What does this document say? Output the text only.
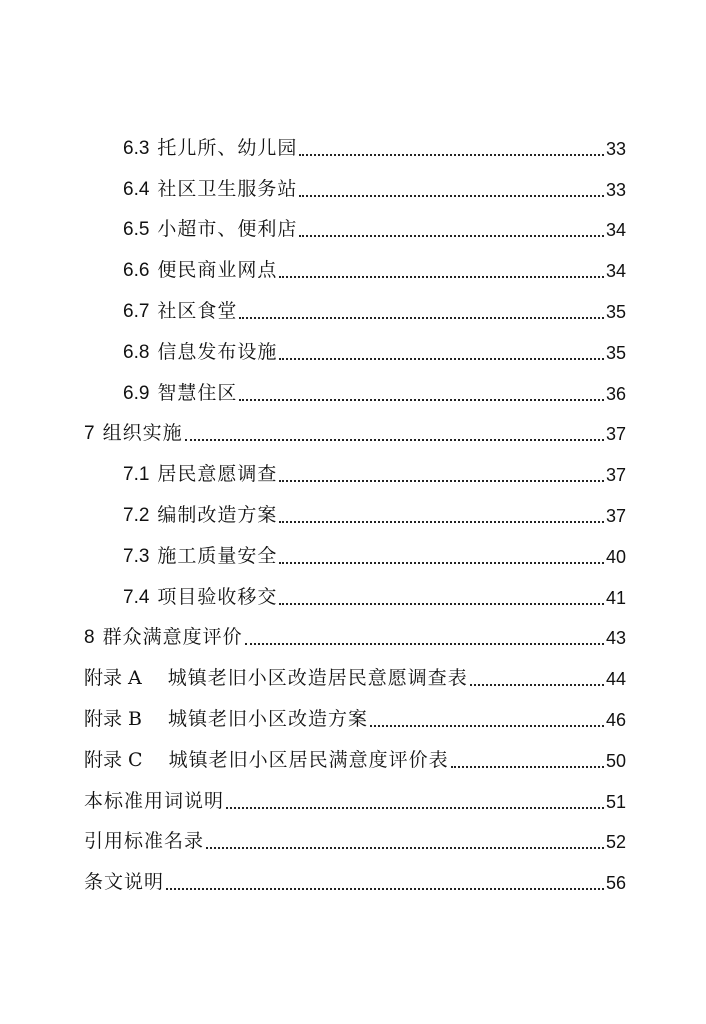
6.3 托儿所、幼儿园	33
6.4 社区卫生服务站	33
6.5 小超市、便利店	34
6.6 便民商业网点	34
6.7 社区食堂	35
6.8 信息发布设施	35
6.9 智慧住区	36
7 组织实施	37
7.1 居民意愿调查	37
7.2 编制改造方案	37
7.3 施工质量安全	40
7.4 项目验收移交	41
8 群众满意度评价	43
附录 A 城镇老旧小区改造居民意愿调查表	44
附录 B 城镇老旧小区改造方案	46
附录 C 城镇老旧小区居民满意度评价表	50
本标准用词说明	51
引用标准名录	52
条文说明	56
